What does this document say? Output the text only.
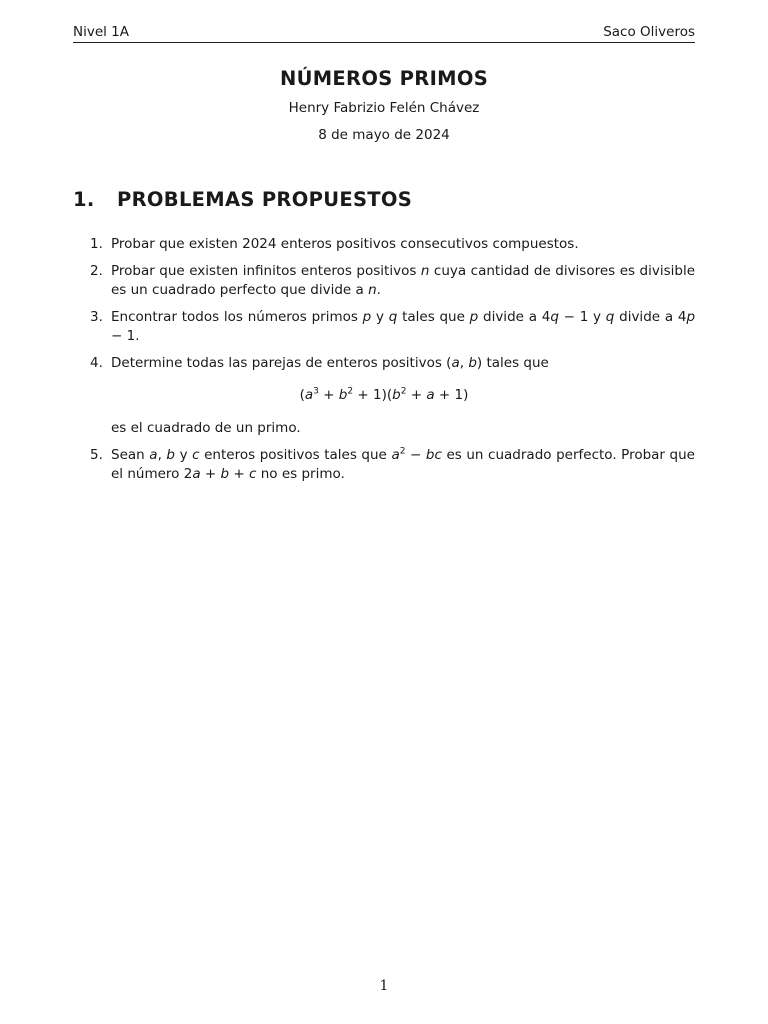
Nivel 1A	Saco Oliveros
NÚMEROS PRIMOS
Henry Fabrizio Felén Chávez
8 de mayo de 2024
1. PROBLEMAS PROPUESTOS
1. Probar que existen 2024 enteros positivos consecutivos compuestos.
2. Probar que existen infinitos enteros positivos n cuya cantidad de divisores es divisible es un cuadrado perfecto que divide a n.
3. Encontrar todos los números primos p y q tales que p divide a 4q − 1 y q divide a 4p − 1.
4. Determine todas las parejas de enteros positivos (a, b) tales que
$(a^3 + b^2 + 1)(b^2 + a + 1)$
es el cuadrado de un primo.
5. Sean a, b y c enteros positivos tales que $a^2$ − bc es un cuadrado perfecto. Probar que el número 2a + b + c no es primo.
1
